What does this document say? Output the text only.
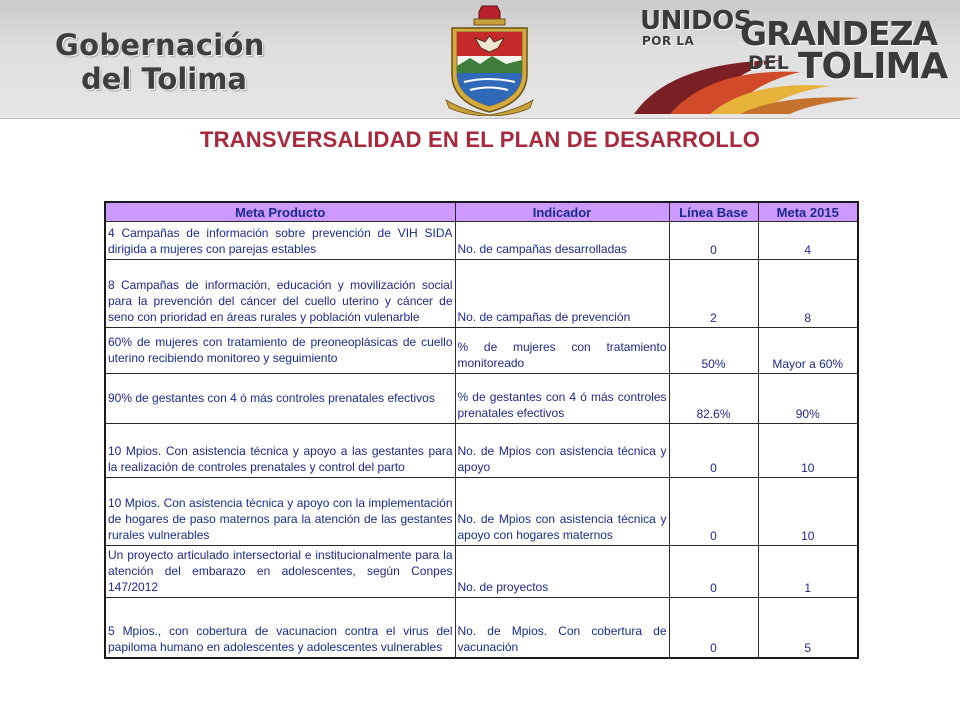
Gobernación
del Tolima
UNIDOS
POR LA GRANDEZA
DEL TOLIMA
TRANSVERSALIDAD EN EL PLAN DE DESARROLLO
Meta Producto	Indicador	Línea Base	Meta 2015
4 Campañas de información sobre prevención de VIH SIDA dirigida a mujeres con parejas estables	No. de campañas desarrolladas	0	4
8 Campañas de información, educación y movilización social para la prevención del cáncer del cuello uterino y cáncer de seno con prioridad en áreas rurales y población vulenarble	No. de campañas de prevención	2	8
60% de mujeres con tratamiento de preoneoplásicas de cuello uterino recibiendo monitoreo y seguimiento	% de mujeres con tratamiento monitoreado	50%	Mayor a 60%
90% de gestantes con 4 ó más controles prenatales efectivos	% de gestantes con 4 ó más controles prenatales efectivos	82.6%	90%
10 Mpios. Con asistencia técnica y apoyo a las gestantes para la realización de controles prenatales y control del parto	No. de Mpios con asistencia técnica y apoyo	0	10
10 Mpios. Con asistencia técnica y apoyo con la implementación de hogares de paso maternos para la atención de las gestantes rurales vulnerables	No. de Mpios con asistencia técnica y apoyo con hogares maternos	0	10
Un proyecto articulado intersectorial e institucionalmente para la atención del embarazo en adolescentes, según Conpes 147/2012	No. de proyectos	0	1
5 Mpios., con cobertura de vacunacion contra el virus del papiloma humano en adolescentes y adolescentes vulnerables	No. de Mpios. Con cobertura de vacunación	0	5
